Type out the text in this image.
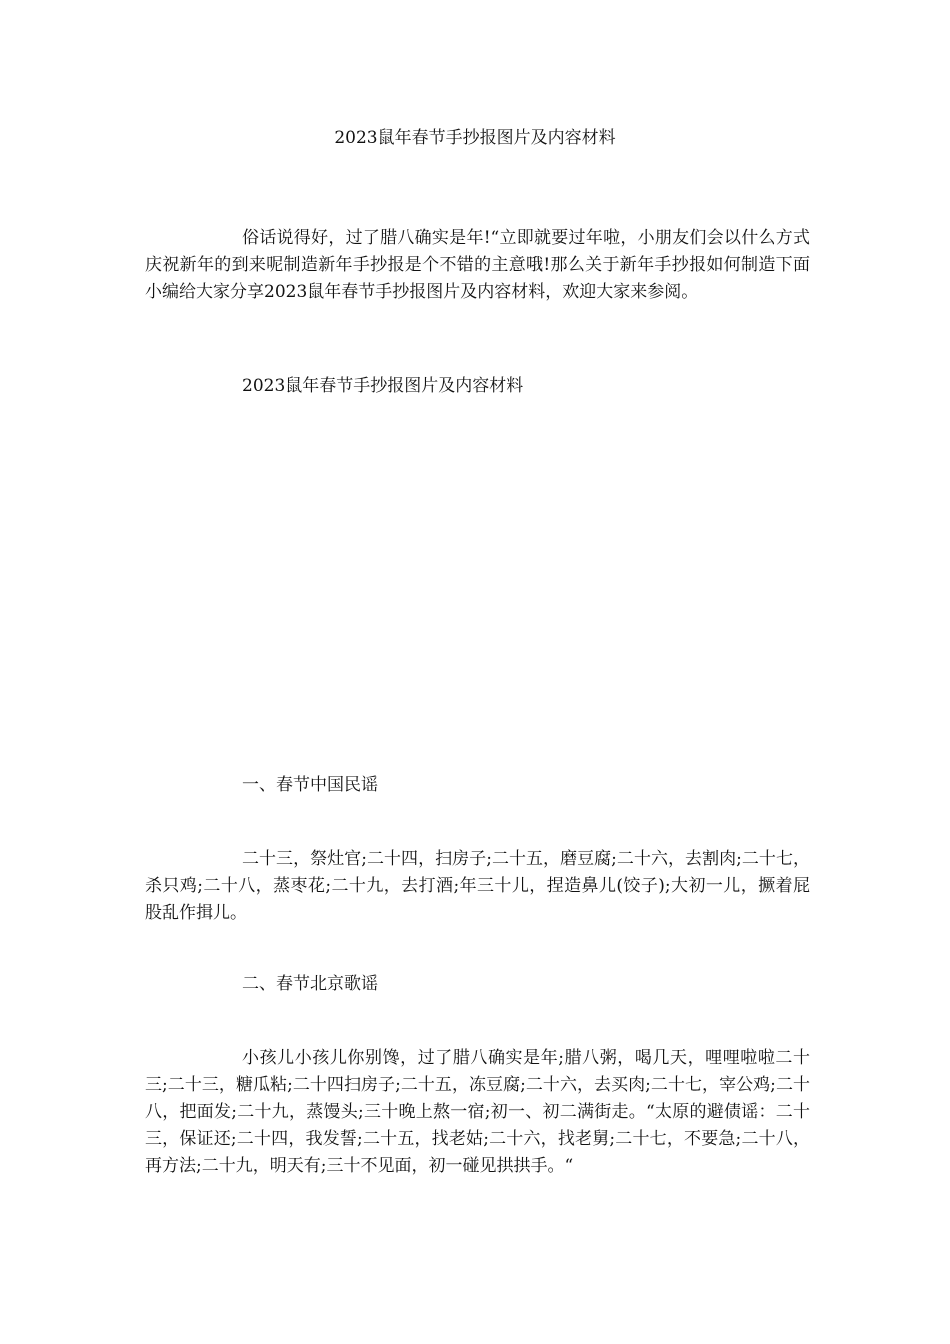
2023鼠年春节手抄报图片及内容材料

俗话说得好，过了腊八确实是年!“立即就要过年啦，小朋友们会以什么方式庆祝新年的到来呢制造新年手抄报是个不错的主意哦!那么关于新年手抄报如何制造下面小编给大家分享2023鼠年春节手抄报图片及内容材料，欢迎大家来参阅。

2023鼠年春节手抄报图片及内容材料

一、春节中国民谣

二十三，祭灶官;二十四，扫房子;二十五，磨豆腐;二十六，去割肉;二十七，杀只鸡;二十八，蒸枣花;二十九，去打酒;年三十儿，捏造鼻儿(饺子);大初一儿，撅着屁股乱作揖儿。

二、春节北京歌谣

小孩儿小孩儿你别馋，过了腊八确实是年;腊八粥，喝几天，哩哩啦啦二十三;二十三，糖瓜粘;二十四扫房子;二十五，冻豆腐;二十六，去买肉;二十七，宰公鸡;二十八，把面发;二十九，蒸馒头;三十晚上熬一宿;初一、初二满街走。“太原的避债谣：二十三，保证还;二十四，我发誓;二十五，找老姑;二十六，找老舅;二十七，不要急;二十八，再方法;二十九，明天有;三十不见面，初一碰见拱拱手。“
